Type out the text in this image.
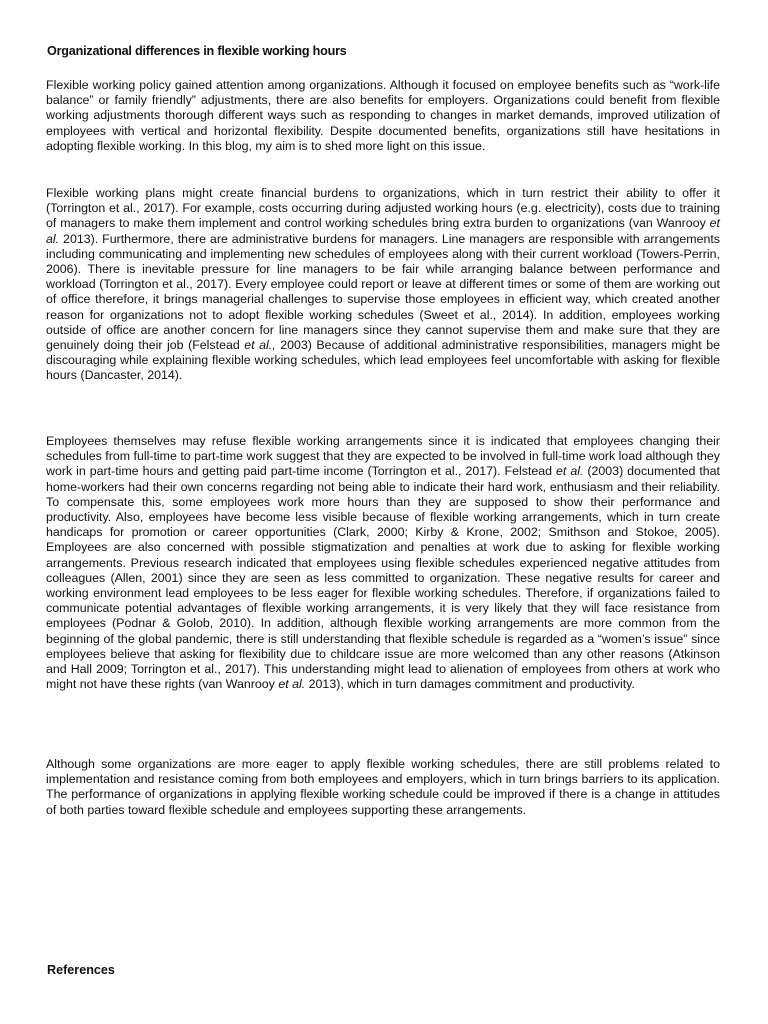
Organizational differences in flexible working hours

Flexible working policy gained attention among organizations. Although it focused on employee benefits such as “work-life balance” or family friendly” adjustments, there are also benefits for employers. Organizations could benefit from flexible working adjustments thorough different ways such as responding to changes in market demands, improved utilization of employees with vertical and horizontal flexibility. Despite documented benefits, organizations still have hesitations in adopting flexible working. In this blog, my aim is to shed more light on this issue.

Flexible working plans might create financial burdens to organizations, which in turn restrict their ability to offer it (Torrington et al., 2017). For example, costs occurring during adjusted working hours (e.g. electricity), costs due to training of managers to make them implement and control working schedules bring extra burden to organizations (van Wanrooy et al. 2013). Furthermore, there are administrative burdens for managers. Line managers are responsible with arrangements including communicating and implementing new schedules of employees along with their current workload (Towers-Perrin, 2006). There is inevitable pressure for line managers to be fair while arranging balance between performance and workload (Torrington et al., 2017). Every employee could report or leave at different times or some of them are working out of office therefore, it brings managerial challenges to supervise those employees in efficient way, which created another reason for organizations not to adopt flexible working schedules (Sweet et al., 2014). In addition, employees working outside of office are another concern for line managers since they cannot supervise them and make sure that they are genuinely doing their job (Felstead et al., 2003) Because of additional administrative responsibilities, managers might be discouraging while explaining flexible working schedules, which lead employees feel uncomfortable with asking for flexible hours (Dancaster, 2014).

Employees themselves may refuse flexible working arrangements since it is indicated that employees changing their schedules from full-time to part-time work suggest that they are expected to be involved in full-time work load although they work in part-time hours and getting paid part-time income (Torrington et al., 2017). Felstead et al. (2003) documented that home-workers had their own concerns regarding not being able to indicate their hard work, enthusiasm and their reliability. To compensate this, some employees work more hours than they are supposed to show their performance and productivity. Also, employees have become less visible because of flexible working arrangements, which in turn create handicaps for promotion or career opportunities (Clark, 2000; Kirby & Krone, 2002; Smithson and Stokoe, 2005). Employees are also concerned with possible stigmatization and penalties at work due to asking for flexible working arrangements. Previous research indicated that employees using flexible schedules experienced negative attitudes from colleagues (Allen, 2001) since they are seen as less committed to organization. These negative results for career and working environment lead employees to be less eager for flexible working schedules. Therefore, if organizations failed to communicate potential advantages of flexible working arrangements, it is very likely that they will face resistance from employees (Podnar & Golob, 2010). In addition, although flexible working arrangements are more common from the beginning of the global pandemic, there is still understanding that flexible schedule is regarded as a “women’s issue” since employees believe that asking for flexibility due to childcare issue are more welcomed than any other reasons (Atkinson and Hall 2009; Torrington et al., 2017). This understanding might lead to alienation of employees from others at work who might not have these rights (van Wanrooy et al. 2013), which in turn damages commitment and productivity.

Although some organizations are more eager to apply flexible working schedules, there are still problems related to implementation and resistance coming from both employees and employers, which in turn brings barriers to its application. The performance of organizations in applying flexible working schedule could be improved if there is a change in attitudes of both parties toward flexible schedule and employees supporting these arrangements.

References
